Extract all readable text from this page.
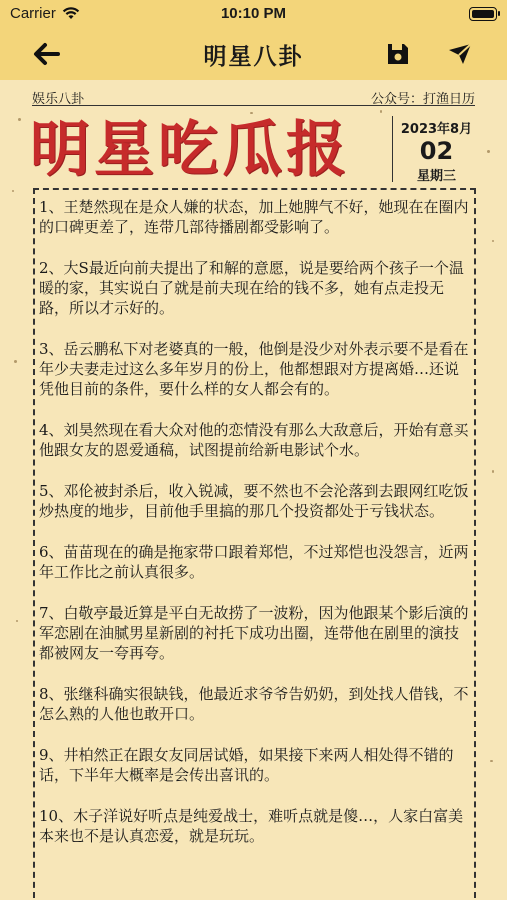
Carrier	10:10 PM
明星八卦
娱乐八卦	公众号：打渔日历
明星吃瓜报	2023年8月
02
星期三

1、王楚然现在是众人嫌的状态，加上她脾气不好，她现在在圈内的口碑更差了，连带几部待播剧都受影响了。

2、大S最近向前夫提出了和解的意愿，说是要给两个孩子一个温暖的家，其实说白了就是前夫现在给的钱不多，她有点走投无路，所以才示好的。

3、岳云鹏私下对老婆真的一般，他倒是没少对外表示要不是看在年少夫妻走过这么多年岁月的份上，他都想跟对方提离婚…还说凭他目前的条件，要什么样的女人都会有的。

4、刘昊然现在看大众对他的恋情没有那么大敌意后，开始有意买他跟女友的恩爱通稿，试图提前给新电影试个水。

5、邓伦被封杀后，收入锐减，要不然也不会沦落到去跟网红吃饭炒热度的地步，目前他手里搞的那几个投资都处于亏钱状态。

6、苗苗现在的确是拖家带口跟着郑恺，不过郑恺也没怨言，近两年工作比之前认真很多。

7、白敬亭最近算是平白无故捞了一波粉，因为他跟某个影后演的军恋剧在油腻男星新剧的衬托下成功出圈，连带他在剧里的演技都被网友一夸再夸。

8、张继科确实很缺钱，他最近求爷爷告奶奶，到处找人借钱，不怎么熟的人他也敢开口。

9、井柏然正在跟女友同居试婚，如果接下来两人相处得不错的话，下半年大概率是会传出喜讯的。

10、木子洋说好听点是纯爱战士，难听点就是傻…，人家白富美本来也不是认真恋爱，就是玩玩。
